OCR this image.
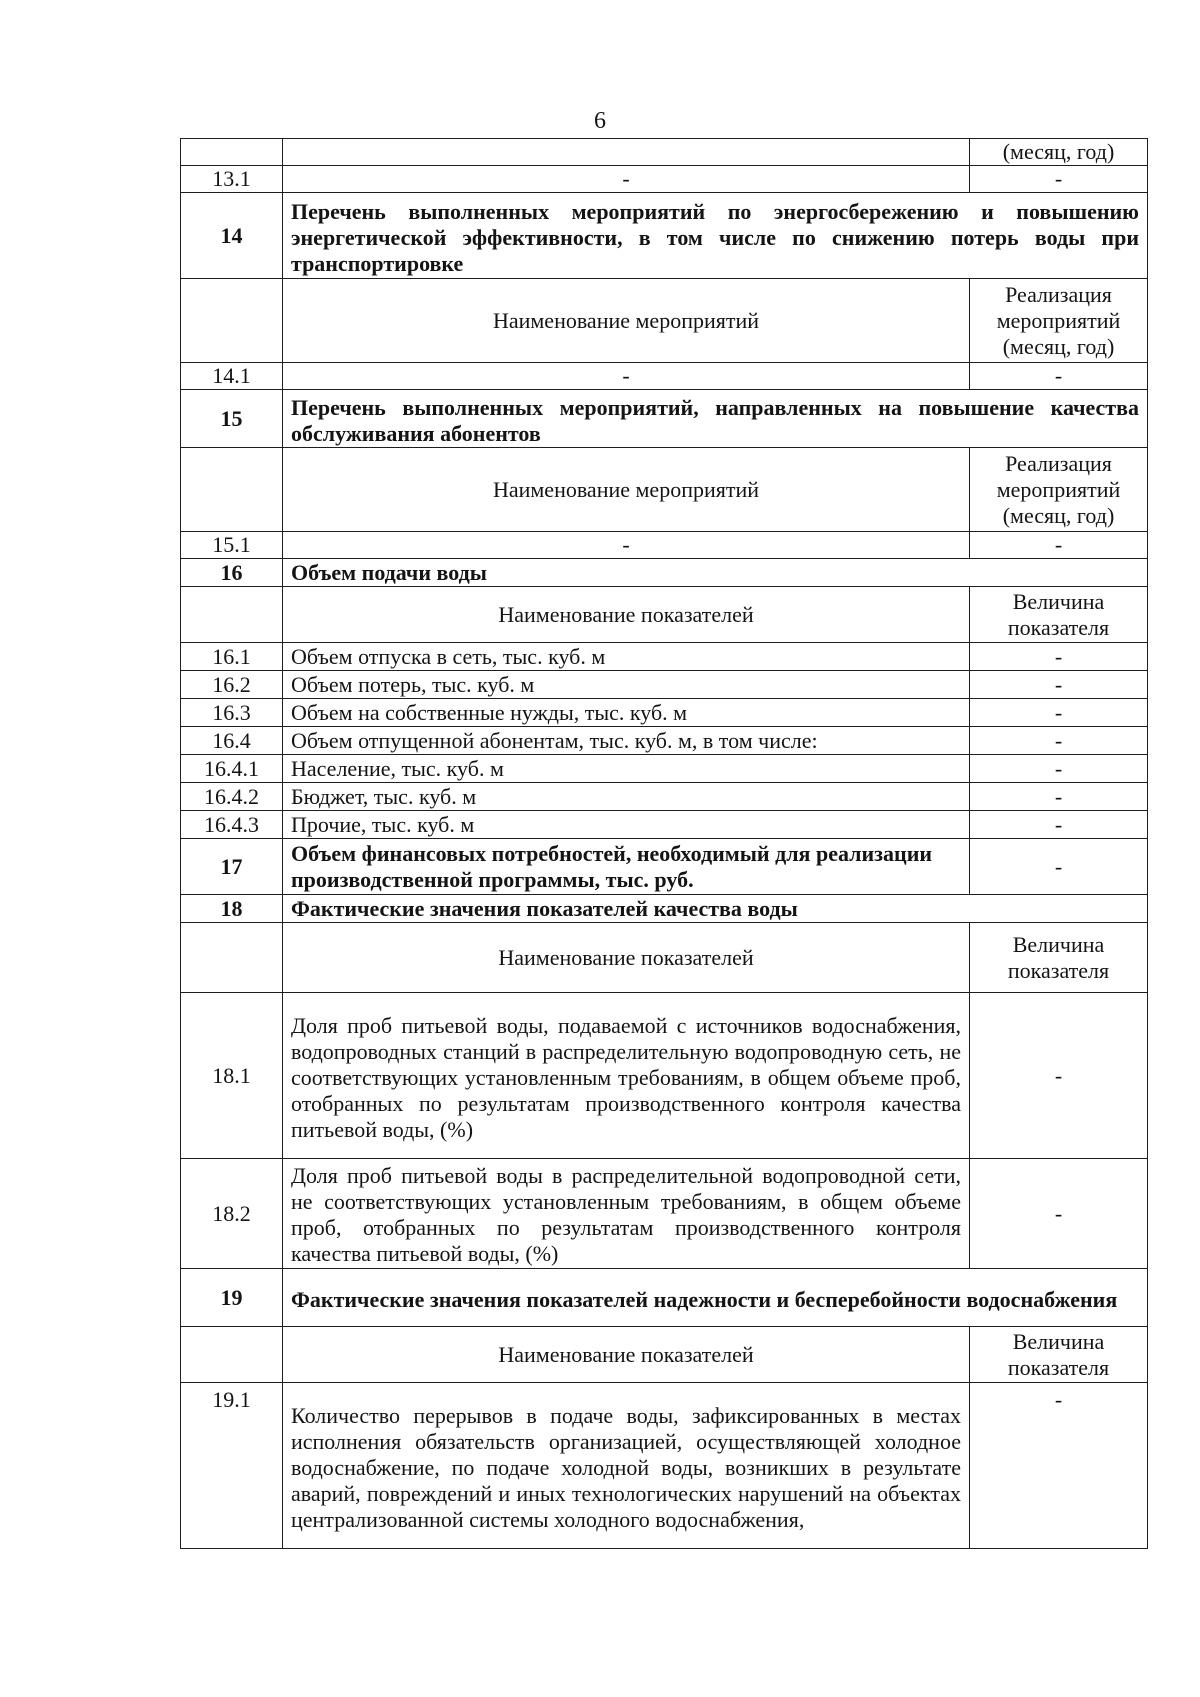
6
		(месяц, год)
13.1	-	-
14	Перечень выполненных мероприятий по энергосбережению и повышению энергетической эффективности, в том числе по снижению потерь воды при транспортировке	
	Наименование мероприятий	Реализация мероприятий (месяц, год)
14.1	-	-
15	Перечень выполненных мероприятий, направленных на повышение качества обслуживания абонентов	
	Наименование мероприятий	Реализация мероприятий (месяц, год)
15.1	-	-
16	Объем подачи воды	
	Наименование показателей	Величина показателя
16.1	Объем отпуска в сеть, тыс. куб. м	-
16.2	Объем потерь, тыс. куб. м	-
16.3	Объем на собственные нужды, тыс. куб. м	-
16.4	Объем отпущенной абонентам, тыс. куб. м, в том числе:	-
16.4.1	Население, тыс. куб. м	-
16.4.2	Бюджет, тыс. куб. м	-
16.4.3	Прочие, тыс. куб. м	-
17	Объем финансовых потребностей, необходимый для реализации производственной программы, тыс. руб.	-
18	Фактические значения показателей качества воды	
	Наименование показателей	Величина показателя
18.1	Доля проб питьевой воды, подаваемой с источников водоснабжения, водопроводных станций в распределительную водопроводную сеть, не соответствующих установленным требованиям, в общем объеме проб, отобранных по результатам производственного контроля качества питьевой воды, (%)	-
18.2	Доля проб питьевой воды в распределительной водопроводной сети, не соответствующих установленным требованиям, в общем объеме проб, отобранных по результатам производственного контроля качества питьевой воды, (%)	-
19	Фактические значения показателей надежности и бесперебойности водоснабжения	
	Наименование показателей	Величина показателя
19.1	Количество перерывов в подаче воды, зафиксированных в местах исполнения обязательств организацией, осуществляющей холодное водоснабжение, по подаче холодной воды, возникших в результате аварий, повреждений и иных технологических нарушений на объектах централизованной системы холодного водоснабжения,	-
